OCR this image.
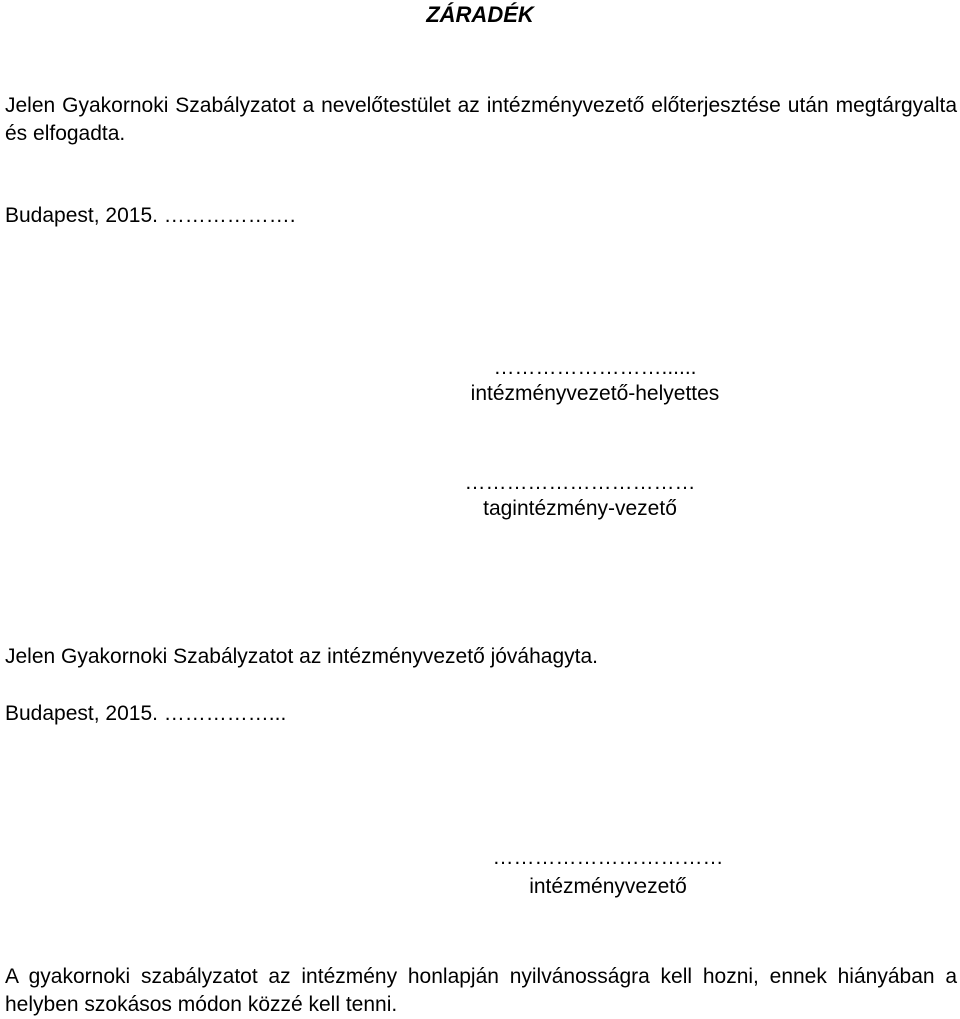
ZÁRADÉK
Jelen Gyakornoki Szabályzatot a nevelőtestület az intézményvezető előterjesztése után megtárgyalta és elfogadta.
Budapest, 2015. ……………….
……………………......
intézményvezető-helyettes
……………………………
tagintézmény-vezető
Jelen Gyakornoki Szabályzatot az intézményvezető jóváhagyta.
Budapest, 2015. ……………...
……………………………
intézményvezető
A gyakornoki szabályzatot az intézmény honlapján nyilvánosságra kell hozni, ennek hiányában a helyben szokásos módon közzé kell tenni.
